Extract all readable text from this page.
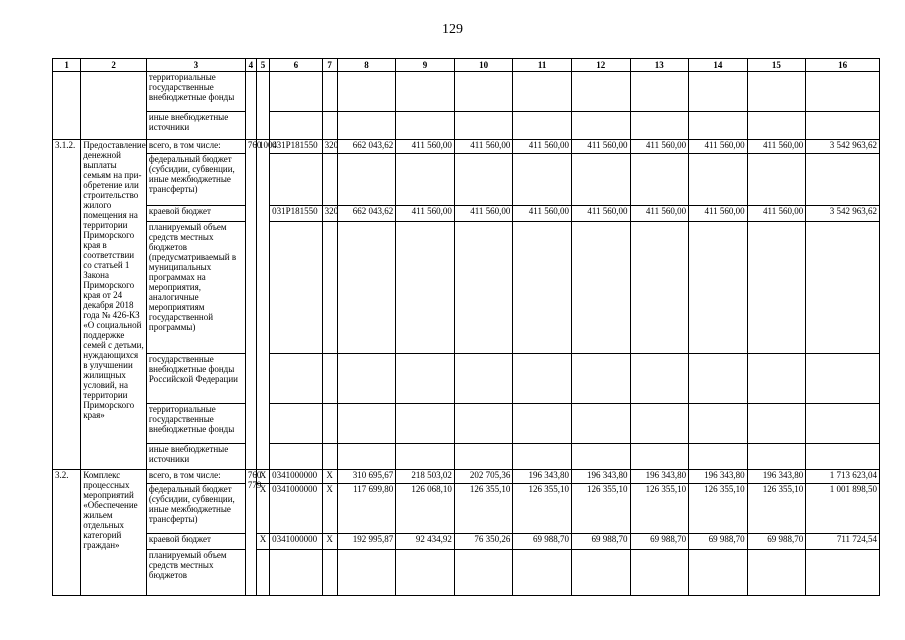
129
1	2	3	4	5	6	7	8	9	10	11	12	13	14	15	16
		территориальные государственные внебюджетные фонды													
		иные внебюджетные источники													
3.1.2.	Предоставление денежной выплаты семьям на при-обретение или строительство жилого помещения на территории Приморского края в соответствии со статьей 1 Закона Приморского края от 24 декабря 2018 года № 426-КЗ «О социальной поддержке семей с детьми, нуждающихся в улучшении жилищных условий, на территории Приморского края»	всего, в том числе:	760	1004	031P181550	320	662 043,62	411 560,00	411 560,00	411 560,00	411 560,00	411 560,00	411 560,00	411 560,00	3 542 963,62
		федеральный бюджет (субсидии, субвенции, иные межбюджетные трансферты)													
		краевой бюджет			031P181550	320	662 043,62	411 560,00	411 560,00	411 560,00	411 560,00	411 560,00	411 560,00	411 560,00	3 542 963,62
		планируемый объем средств местных бюджетов (предусматриваемый в муниципальных программах на мероприятия, аналогичные мероприятиям государственной программы)													
		государственные внебюджетные фонды Российской Федерации													
		территориальные государственные внебюджетные фонды													
		иные внебюджетные источники													
3.2.	Комплекс процессных мероприятий «Обеспечение жильем отдельных категорий граждан»	всего, в том числе:	760 779	X	0341000000	X	310 695,67	218 503,02	202 705,36	196 343,80	196 343,80	196 343,80	196 343,80	196 343,80	1 713 623,04
		федеральный бюджет (субсидии, субвенции, иные межбюджетные трансферты)		X	0341000000	X	117 699,80	126 068,10	126 355,10	126 355,10	126 355,10	126 355,10	126 355,10	126 355,10	1 001 898,50
		краевой бюджет		X	0341000000	X	192 995,87	92 434,92	76 350,26	69 988,70	69 988,70	69 988,70	69 988,70	69 988,70	711 724,54
		планируемый объем средств местных бюджетов													
